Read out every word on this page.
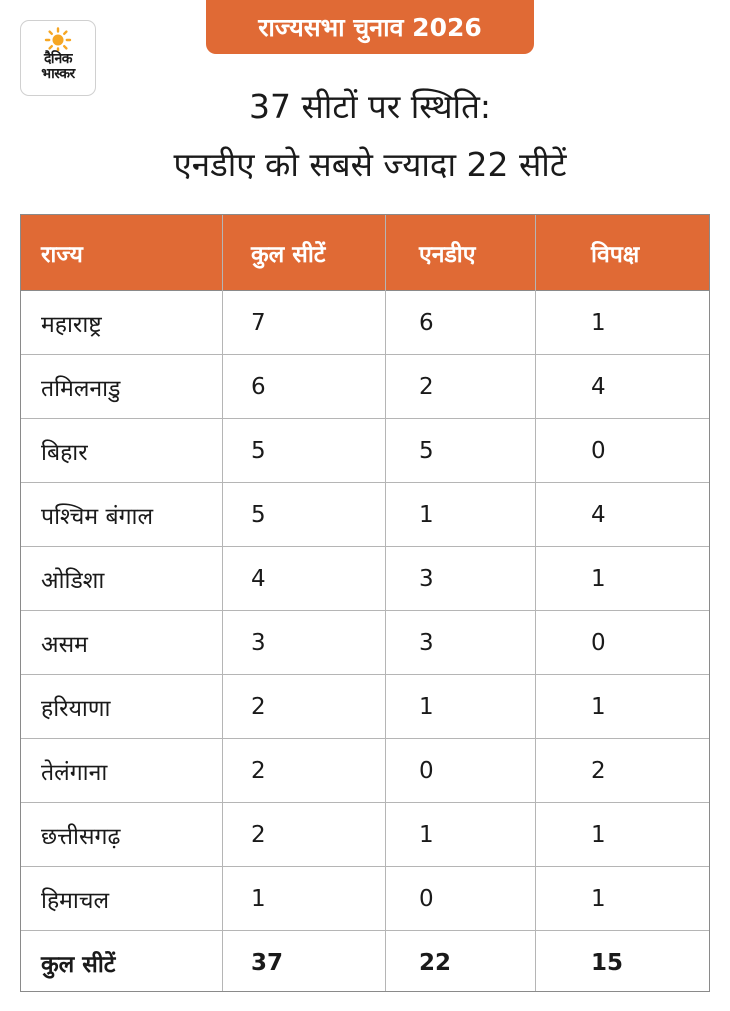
दैनिक
भास्कर
राज्यसभा चुनाव 2026
37 सीटों पर स्थिति:
एनडीए को सबसे ज्यादा 22 सीटें
राज्य	कुल सीटें	एनडीए	विपक्ष
महाराष्ट्र	7	6	1
तमिलनाडु	6	2	4
बिहार	5	5	0
पश्चिम बंगाल	5	1	4
ओडिशा	4	3	1
असम	3	3	0
हरियाणा	2	1	1
तेलंगाना	2	0	2
छत्तीसगढ़	2	1	1
हिमाचल	1	0	1
कुल सीटें	37	22	15
